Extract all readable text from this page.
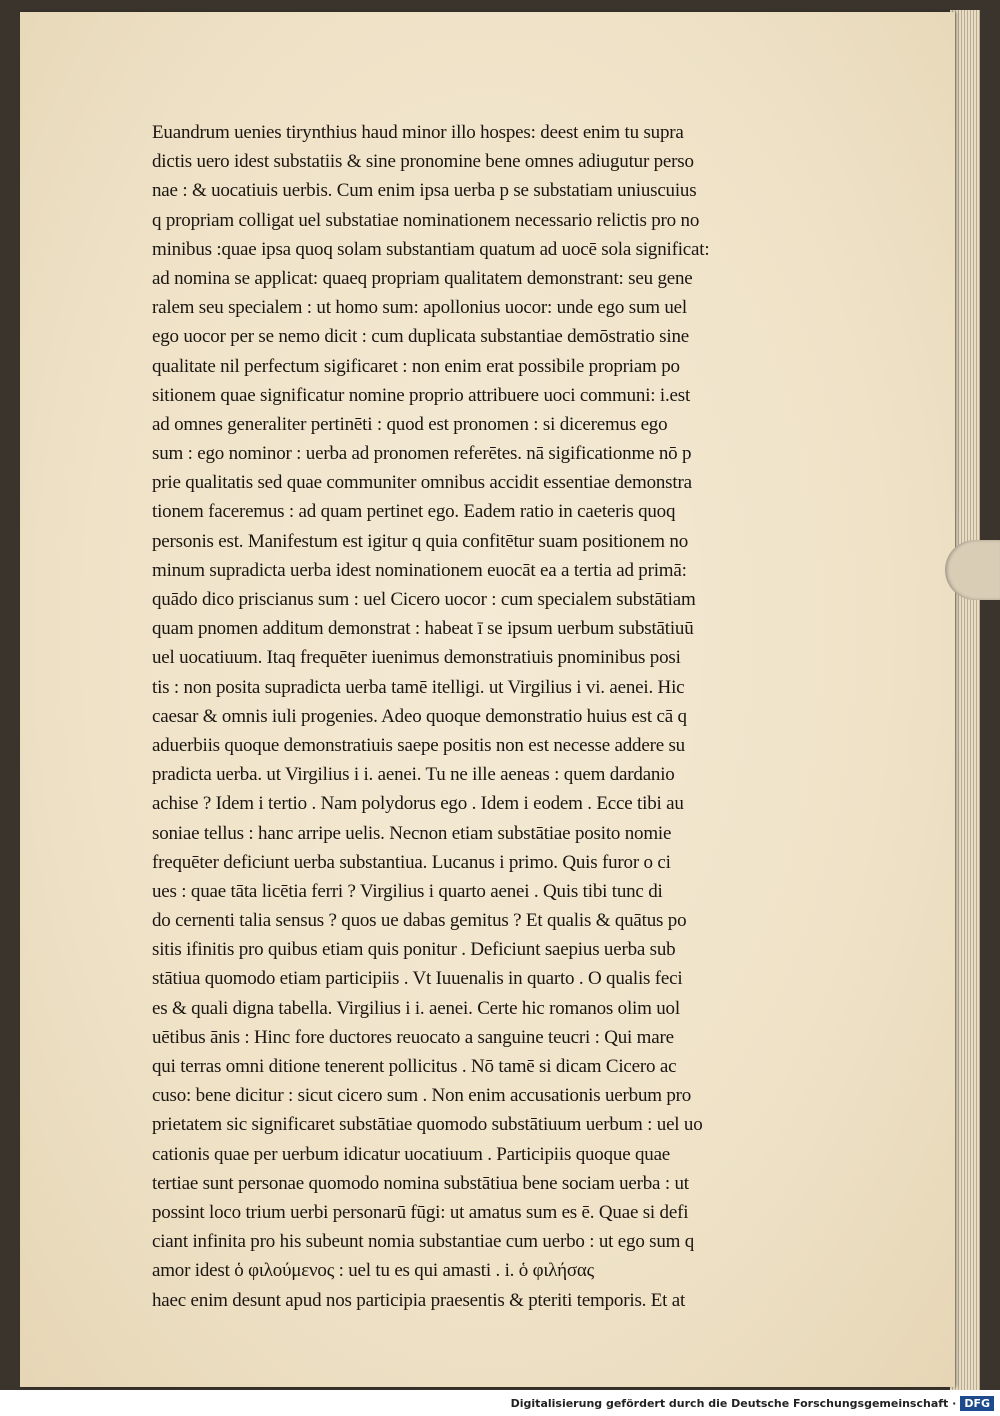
Euandrum uenies tirynthius haud minor illo hospes: deest enim tu supra
dictis uero idest substatiis & sine pronomine bene omnes adiugutur perso
nae : & uocatiuis uerbis. Cum enim ipsa uerba p se substatiam uniuscuius
q propriam colligat uel substatiae nominationem necessario relictis pro no
minibus :quae ipsa quoq solam substantiam quatum ad uocē sola significat:
ad nomina se applicat: quaeq propriam qualitatem demonstrant: seu gene
ralem seu specialem : ut homo sum: apollonius uocor: unde ego sum uel
ego uocor per se nemo dicit : cum duplicata substantiae demōstratio sine
qualitate nil perfectum sigificaret : non enim erat possibile propriam po
sitionem quae significatur nomine proprio attribuere uoci communi: i.est
ad omnes generaliter pertinēti : quod est pronomen : si diceremus ego
sum : ego nominor : uerba ad pronomen referētes. nā sigificationme nō p
prie qualitatis sed quae communiter omnibus accidit essentiae demonstra
tionem faceremus : ad quam pertinet ego. Eadem ratio in caeteris quoq
personis est. Manifestum est igitur q quia confitētur suam positionem no
minum supradicta uerba idest nominationem euocāt ea a tertia ad primā:
quādo dico priscianus sum : uel Cicero uocor : cum specialem substātiam
quam pnomen additum demonstrat : habeat ī se ipsum uerbum substātiuū
uel uocatiuum. Itaq frequēter iuenimus demonstratiuis pnominibus posi
tis : non posita supradicta uerba tamē itelligi. ut Virgilius i vi. aenei. Hic
caesar & omnis iuli progenies. Adeo quoque demonstratio huius est cā q
aduerbiis quoque demonstratiuis saepe positis non est necesse addere su
pradicta uerba. ut Virgilius i i. aenei. Tu ne ille aeneas : quem dardanio
achise ? Idem i tertio . Nam polydorus ego . Idem i eodem . Ecce tibi au
soniae tellus : hanc arripe uelis. Necnon etiam substātiae posito nomie
frequēter deficiunt uerba substantiua. Lucanus i primo. Quis furor o ci
ues : quae tāta licētia ferri ? Virgilius i quarto aenei . Quis tibi tunc di
do cernenti talia sensus ? quos ue dabas gemitus ? Et qualis & quātus po
sitis ifinitis pro quibus etiam quis ponitur . Deficiunt saepius uerba sub
stātiua quomodo etiam participiis . Vt Iuuenalis in quarto . O qualis feci
es & quali digna tabella. Virgilius i i. aenei. Certe hic romanos olim uol
uētibus ānis : Hinc fore ductores reuocato a sanguine teucri : Qui mare
qui terras omni ditione tenerent pollicitus . Nō tamē si dicam Cicero ac
cuso: bene dicitur : sicut cicero sum . Non enim accusationis uerbum pro
prietatem sic significaret substātiae quomodo substātiuum uerbum : uel uo
cationis quae per uerbum idicatur uocatiuum . Participiis quoque quae
tertiae sunt personae quomodo nomina substātiua bene sociam uerba : ut
possint loco trium uerbi personarū fūgi: ut amatus sum es ē. Quae si defi
ciant infinita pro his subeunt nomia substantiae cum uerbo : ut ego sum q
amor idest ὁ φιλούμενος : uel tu es qui amasti . i. ὁ φιλήσας
haec enim desunt apud nos participia praesentis & pteriti temporis. Et at
Digitalisierung gefördert durch die Deutsche Forschungsgemeinschaft · DFG
